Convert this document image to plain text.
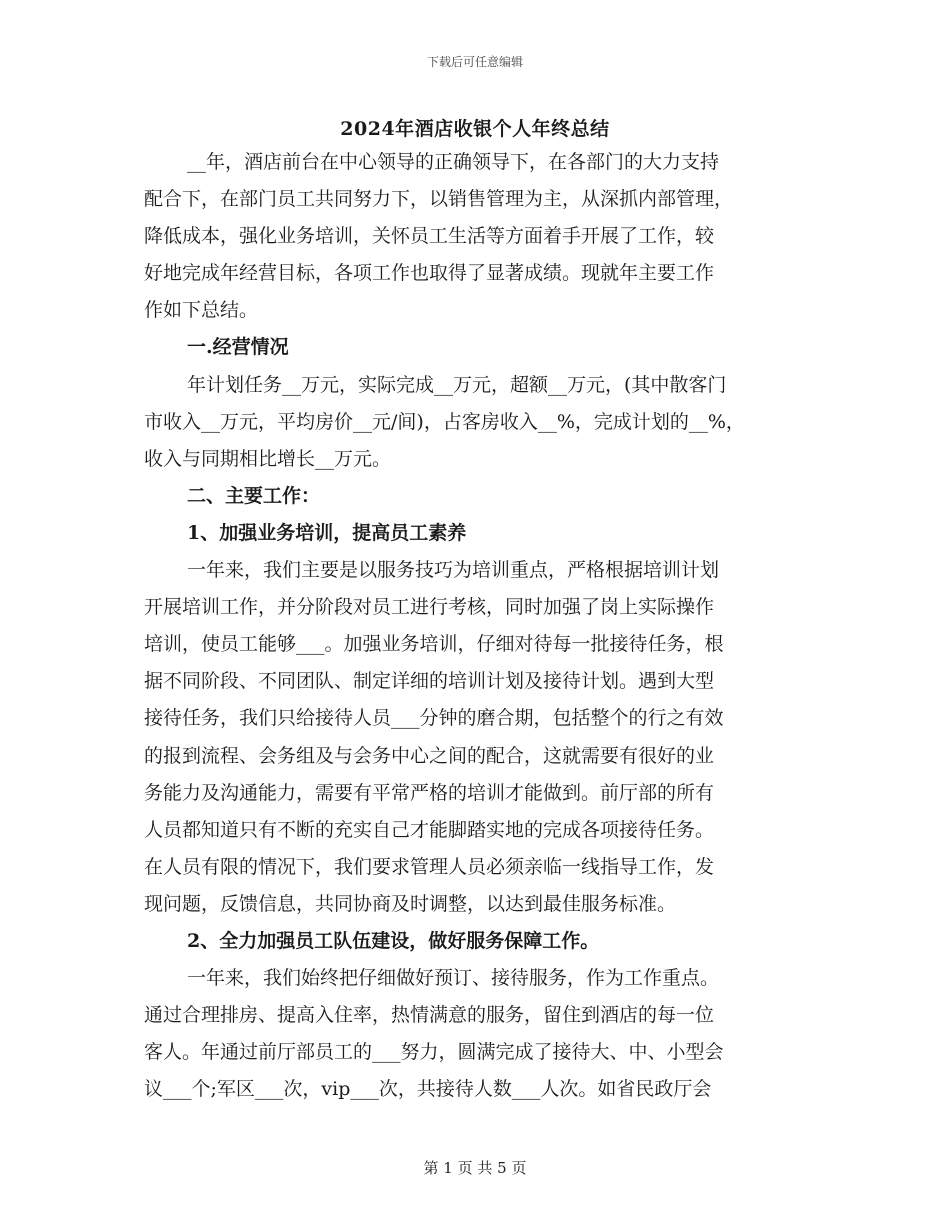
下载后可任意编辑
2024年酒店收银个人年终总结
__年，酒店前台在中心领导的正确领导下，在各部门的大力支持
配合下，在部门员工共同努力下，以销售管理为主，从深抓内部管理，
降低成本，强化业务培训，关怀员工生活等方面着手开展了工作，较
好地完成年经营目标，各项工作也取得了显著成绩。现就年主要工作
作如下总结。
一.经营情况
年计划任务__万元，实际完成__万元，超额__万元，(其中散客门
市收入__万元，平均房价__元/间)，占客房收入__%，完成计划的__%，
收入与同期相比增长__万元。
二、主要工作：
1、加强业务培训，提高员工素养
一年来，我们主要是以服务技巧为培训重点，严格根据培训计划
开展培训工作，并分阶段对员工进行考核，同时加强了岗上实际操作
培训，使员工能够___。加强业务培训，仔细对待每一批接待任务，根
据不同阶段、不同团队、制定详细的培训计划及接待计划。遇到大型
接待任务，我们只给接待人员___分钟的磨合期，包括整个的行之有效
的报到流程、会务组及与会务中心之间的配合，这就需要有很好的业
务能力及沟通能力，需要有平常严格的培训才能做到。前厅部的所有
人员都知道只有不断的充实自己才能脚踏实地的完成各项接待任务。
在人员有限的情况下，我们要求管理人员必须亲临一线指导工作，发
现问题，反馈信息，共同协商及时调整，以达到最佳服务标准。
2、全力加强员工队伍建设，做好服务保障工作。
一年来，我们始终把仔细做好预订、接待服务，作为工作重点。
通过合理排房、提高入住率，热情满意的服务，留住到酒店的每一位
客人。年通过前厅部员工的___努力，圆满完成了接待大、中、小型会
议___个;军区___次，vip___次，共接待人数___人次。如省民政厅会
第 1 页 共 5 页
